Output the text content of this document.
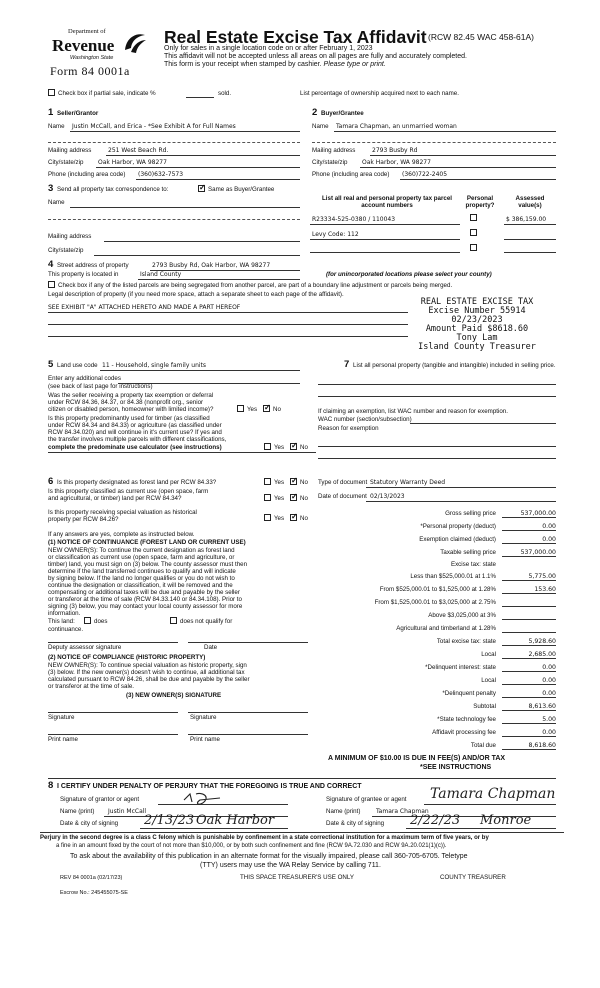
Department of
Revenue
Washington State
Form 84 0001a
Real Estate Excise Tax Affidavit (RCW 82.45 WAC 458-61A)
Only for sales in a single location code on or after February 1, 2023
This affidavit will not be accepted unless all areas on all pages are fully and accurately completed.
This form is your receipt when stamped by cashier. Please type or print.
Check box if partial sale, indicate %	sold.	List percentage of ownership acquired next to each name.
1 Seller/Grantor
Name Justin McCall, and Erica - *See Exhibit A for Full Names
Mailing address	251 West Beach Rd.
City/state/zip Oak Harbor, WA 98277
Phone (including area code) (360)632-7573
2 Buyer/Grantee
Name Tamara Chapman, an unmarried woman
Mailing address	2793 Busby Rd
City/state/zip Oak Harbor, WA 98277
Phone (including area code) (360)722-2405
3 Send all property tax correspondence to: ✓	Same as Buyer/Grantee
Name
Mailing address
City/state/zip
List all real and personal property tax parcel account numbers
Personal property?
Assessed value(s)
R23334-525-0380 / 110043	$ 386,159.00
Levy Code: 112
4 Street address of property	2793 Busby Rd, Oak Harbor, WA 98277
This property is located in	Island County	(for unincorporated locations please select your county)
Check box if any of the listed parcels are being segregated from another parcel, are part of a boundary line adjustment or parcels being merged.
Legal description of property (if you need more space, attach a separate sheet to each page of the affidavit).
SEE EXHIBIT "A" ATTACHED HERETO AND MADE A PART HEREOF
REAL ESTATE EXCISE TAX
Excise Number 55914
02/23/2023
Amount Paid $8618.60
Tony Lam
Island County Treasurer
5 Land use code 11 - Household, single family units
Enter any additional codes
(see back of last page for instructions)
Was the seller receiving a property tax exemption or deferral
under RCW 84.36, 84.37, or 84.38 (nonprofit org., senior
citizen or disabled person, homeowner with limited income)?	Yes ✓	No
Is this property predominantly used for timber (as classified
under RCW 84.34 and 84.33) or agriculture (as classified under
RCW 84.34.020) and will continue in it's current use? If yes and
the transfer involves multiple parcels with different classifications,
complete the predominate use calculator (see instructions)	Yes ✓	No
7 List all personal property (tangible and intangible) included in selling price.
If claiming an exemption, list WAC number and reason for exemption.
WAC number (section/subsection)
Reason for exemption
6 Is this property designated as forest land per RCW 84.33?	Yes ✓	No
Is this property classified as current use (open space, farm
and agricultural, or timber) land per RCW 84.34?	Yes ✓	No
Is this property receiving special valuation as historical
property per RCW 84.26?	Yes ✓	No
If any answers are yes, complete as instructed below.
(1) NOTICE OF CONTINUANCE (FOREST LAND OR CURRENT USE)
NEW OWNER(S): To continue the current designation as forest land
or classification as current use (open space, farm and agriculture, or
timber) land, you must sign on (3) below. The county assessor must then
determine if the land transferred continues to qualify and will indicate
by signing below. If the land no longer qualifies or you do not wish to
continue the designation or classification, it will be removed and the
compensating or additional taxes will be due and payable by the seller
or transferor at the time of sale (RCW 84.33.140 or 84.34.108). Prior to
signing (3) below, you may contact your local county assessor for more
information.
This land:	does	does not qualify for
continuance.
Deputy assessor signature	Date
(2) NOTICE OF COMPLIANCE (HISTORIC PROPERTY)
NEW OWNER(S): To continue special valuation as historic property, sign
(3) below. If the new owner(s) doesn't wish to continue, all additional tax
calculated pursuant to RCW 84.26, shall be due and payable by the seller
or transferor at the time of sale.
(3) NEW OWNER(S) SIGNATURE
Signature	Signature
Print name	Print name
Type of document Statutory Warranty Deed
Date of document 02/13/2023
Gross selling price	537,000.00
*Personal property (deduct)	0.00
Exemption claimed (deduct)	0.00
Taxable selling price	537,000.00
Excise tax: state
Less than $525,000.01 at 1.1%	5,775.00
From $525,000.01 to $1,525,000 at 1.28%	153.60
From $1,525,000.01 to $3,025,000 at 2.75%

Above $3,025,000 at 3%

Agricultural and timberland at 1.28%

Total excise tax: state	5,928.60
Local	2,685.00
*Delinquent interest: state	0.00
Local	0.00
*Delinquent penalty	0.00
Subtotal	8,613.60
*State technology fee	5.00
Affidavit processing fee	0.00
Total due	8,618.60
A MINIMUM OF $10.00 IS DUE IN FEE(S) AND/OR TAX
*SEE INSTRUCTIONS
8 I CERTIFY UNDER PENALTY OF PERJURY THAT THE FOREGOING IS TRUE AND CORRECT
Signature of grantor or agent
Name (print) Justin McCall
Date & city of signing 2/13/23 Oak Harbor
Signature of grantee or agent Tamara Chapman
Name (print)	Tamara Chapman
Date & city of signing 2/22/23 Monroe
Perjury in the second degree is a class C felony which is punishable by confinement in a state correctional institution for a maximum term of five years, or by
a fine in an amount fixed by the court of not more than $10,000, or by both such confinement and fine (RCW 9A.72.030 and RCW 9A.20.021(1)(c)).
To ask about the availability of this publication in an alternate format for the visually impaired, please call 360-705-6705. Teletype
(TTY) users may use the WA Relay Service by calling 711.
REV 84 0001a (02/17/23)	THIS SPACE TREASURER'S USE ONLY	COUNTY TREASURER
Escrow No.: 245455075-SE
